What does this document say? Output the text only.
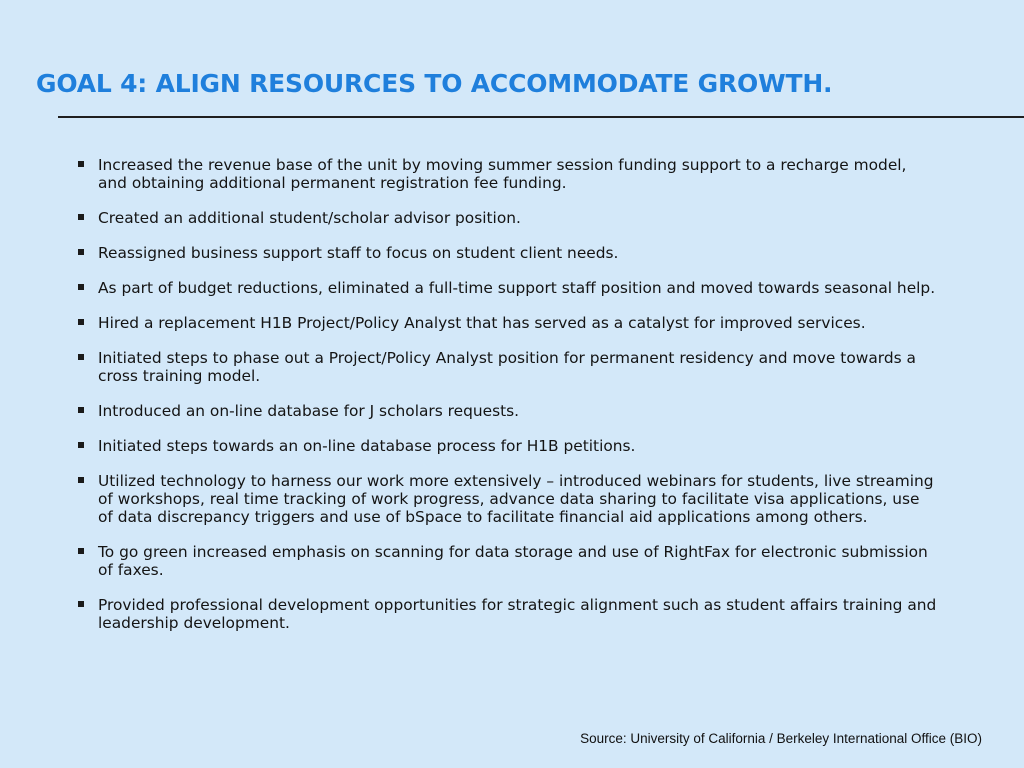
GOAL 4: ALIGN RESOURCES TO ACCOMMODATE GROWTH.
Increased the revenue base of the unit by moving summer session funding support to a recharge model, and obtaining additional permanent registration fee funding.
Created an additional student/scholar advisor position.
Reassigned business support staff to focus on student client needs.
As part of budget reductions, eliminated a full-time support staff position and moved towards seasonal help.
Hired a replacement H1B Project/Policy Analyst that has served as a catalyst for improved services.
Initiated steps to phase out a Project/Policy Analyst position for permanent residency and move towards a cross training model.
Introduced an on-line database for J scholars requests.
Initiated steps towards an on-line database process for H1B petitions.
Utilized technology to harness our work more extensively – introduced webinars for students, live streaming of workshops, real time tracking of work progress, advance data sharing to facilitate visa applications, use of data discrepancy triggers and use of bSpace to facilitate financial aid applications among others.
To go green increased emphasis on scanning for data storage and use of RightFax for electronic submission of faxes.
Provided professional development opportunities for strategic alignment such as student affairs training and leadership development.
Source: University of California / Berkeley International Office (BIO)
